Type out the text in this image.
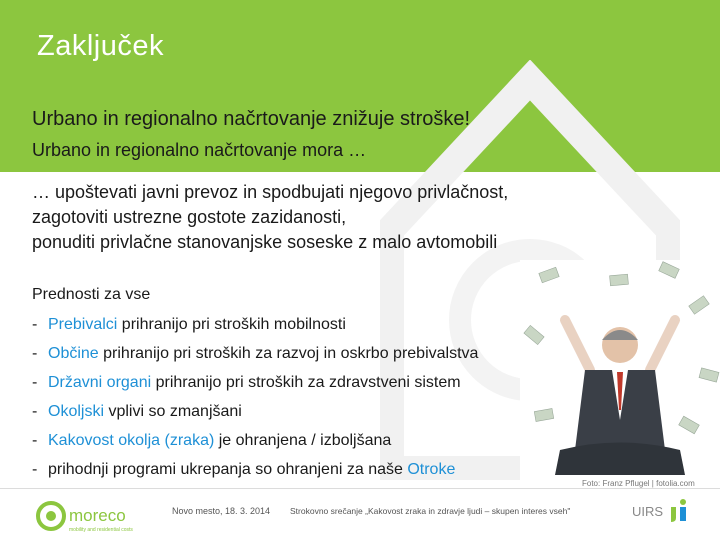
Zaključek
Urbano in regionalno načrtovanje znižuje stroške!
Urbano in regionalno načrtovanje mora …
… upoštevati javni prevoz in spodbujati njegovo privlačnost,
zagotoviti ustrezne gostote zazidanosti,
ponuditi privlačne stanovanjske soseske z malo avtomobili
Foto: Franz Pflugel | fotolia.com
Prednosti za vse
- Prebivalci prihranijo pri stroških mobilnosti
- Občine prihranijo pri stroških za razvoj in oskrbo prebivalstva
- Državni organi prihranijo pri stroških za zdravstveni sistem
- Okoljski vplivi so zmanjšani
- Kakovost okolja (zraka) je ohranjena / izboljšana
- prihodnji programi ukrepanja so ohranjeni za naše Otroke
moreco
mobility and residential costs
Novo mesto, 18. 3. 2014 Strokovno srečanje „Kakovost zraka in zdravje ljudi – skupen interes vseh"	UIRS
